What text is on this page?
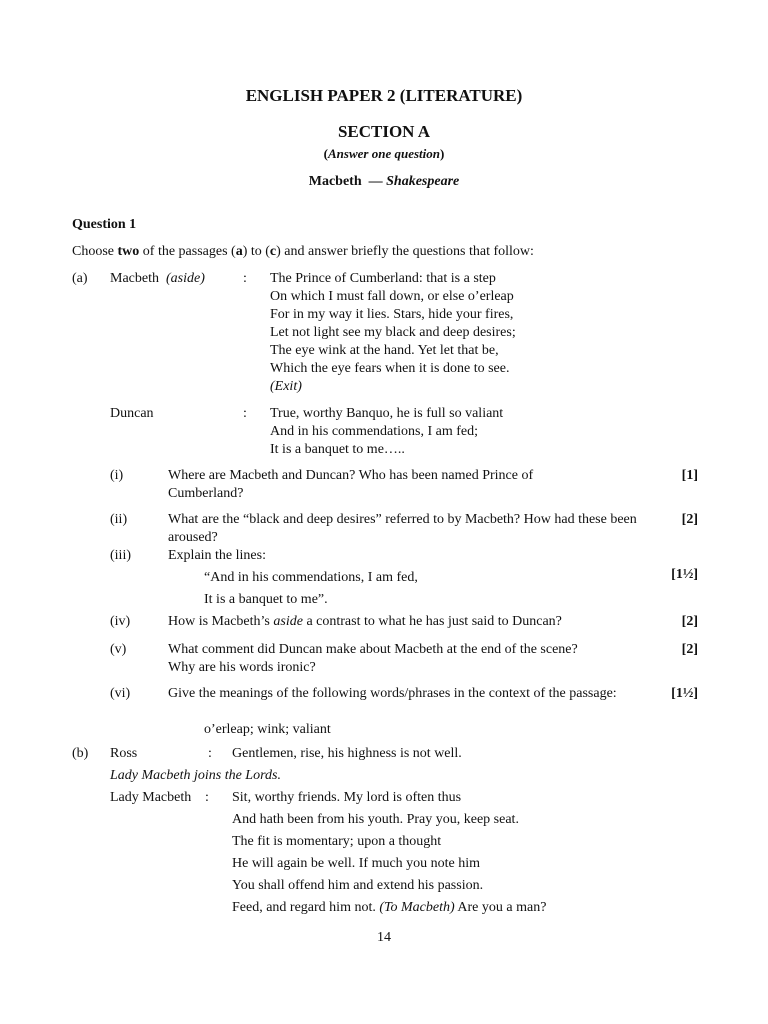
ENGLISH PAPER 2 (LITERATURE)
SECTION A
(Answer one question)
Macbeth — Shakespeare
Question 1
Choose two of the passages (a) to (c) and answer briefly the questions that follow:
(a) Macbeth (aside)	: The Prince of Cumberland: that is a step
On which I must fall down, or else o’erleap
For in my way it lies. Stars, hide your fires,
Let not light see my black and deep desires;
The eye wink at the hand. Yet let that be,
Which the eye fears when it is done to see.
(Exit)
Duncan	: True, worthy Banquo, he is full so valiant
And in his commendations, I am fed;
It is a banquet to me…..
(i)	Where are Macbeth and Duncan? Who has been named Prince of Cumberland?
[1]
(ii)	What are the “black and deep desires” referred to by Macbeth? How had these been aroused?
[2]
(iii)	Explain the lines:
“And in his commendations, I am fed,	[1½]
It is a banquet to me”.
(iv)	How is Macbeth’s aside a contrast to what he has just said to Duncan?	[2]
(v)	What comment did Duncan make about Macbeth at the end of the scene?
Why are his words ironic?
[2]
(vi)	Give the meanings of the following words/phrases in the context of the passage:	[1½]
o’erleap; wink; valiant
(b) Ross	: Gentlemen, rise, his highness is not well.
Lady Macbeth joins the Lords.
Lady Macbeth : Sit, worthy friends. My lord is often thus
And hath been from his youth. Pray you, keep seat.
The fit is momentary; upon a thought
He will again be well. If much you note him
You shall offend him and extend his passion.
Feed, and regard him not. (To Macbeth) Are you a man?
14
